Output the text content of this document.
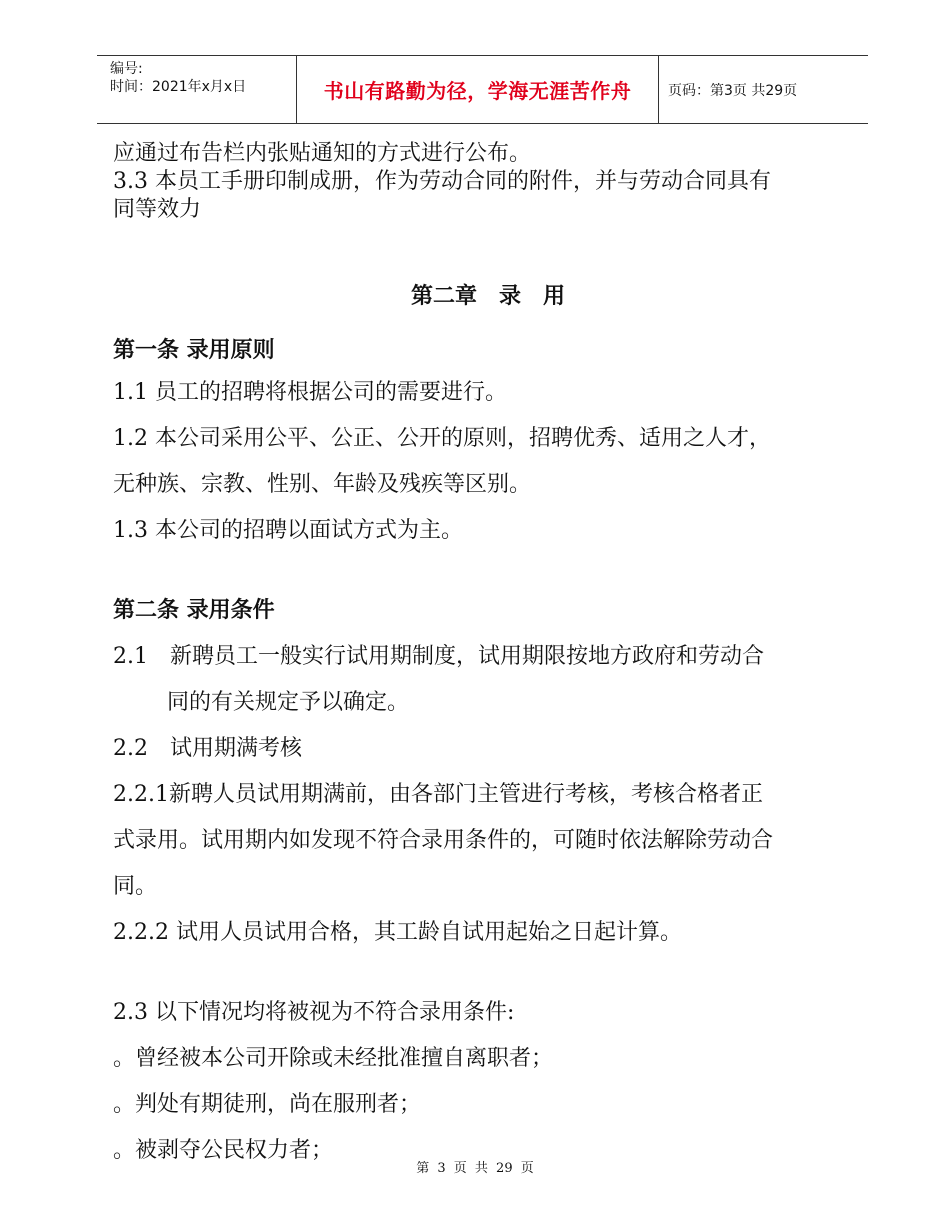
编号:
时间：2021年x月x日	书山有路勤为径，学海无涯苦作舟	页码：第3页 共29页
应通过布告栏内张贴通知的方式进行公布。
3.3 本员工手册印制成册，作为劳动合同的附件，并与劳动合同具有
同等效力
第二章　录　用
第一条 录用原则
1.1 员工的招聘将根据公司的需要进行。
1.2 本公司采用公平、公正、公开的原则，招聘优秀、适用之人才，
无种族、宗教、性别、年龄及残疾等区别。
1.3 本公司的招聘以面试方式为主。
第二条 录用条件
2.1　新聘员工一般实行试用期制度，试用期限按地方政府和劳动合
同的有关规定予以确定。
2.2　试用期满考核
2.2.1新聘人员试用期满前，由各部门主管进行考核，考核合格者正
式录用。试用期内如发现不符合录用条件的，可随时依法解除劳动合
同。
2.2.2 试用人员试用合格，其工龄自试用起始之日起计算。
2.3 以下情况均将被视为不符合录用条件:
。曾经被本公司开除或未经批准擅自离职者；
。判处有期徒刑，尚在服刑者；
。被剥夺公民权力者；
第 3 页 共 29 页
